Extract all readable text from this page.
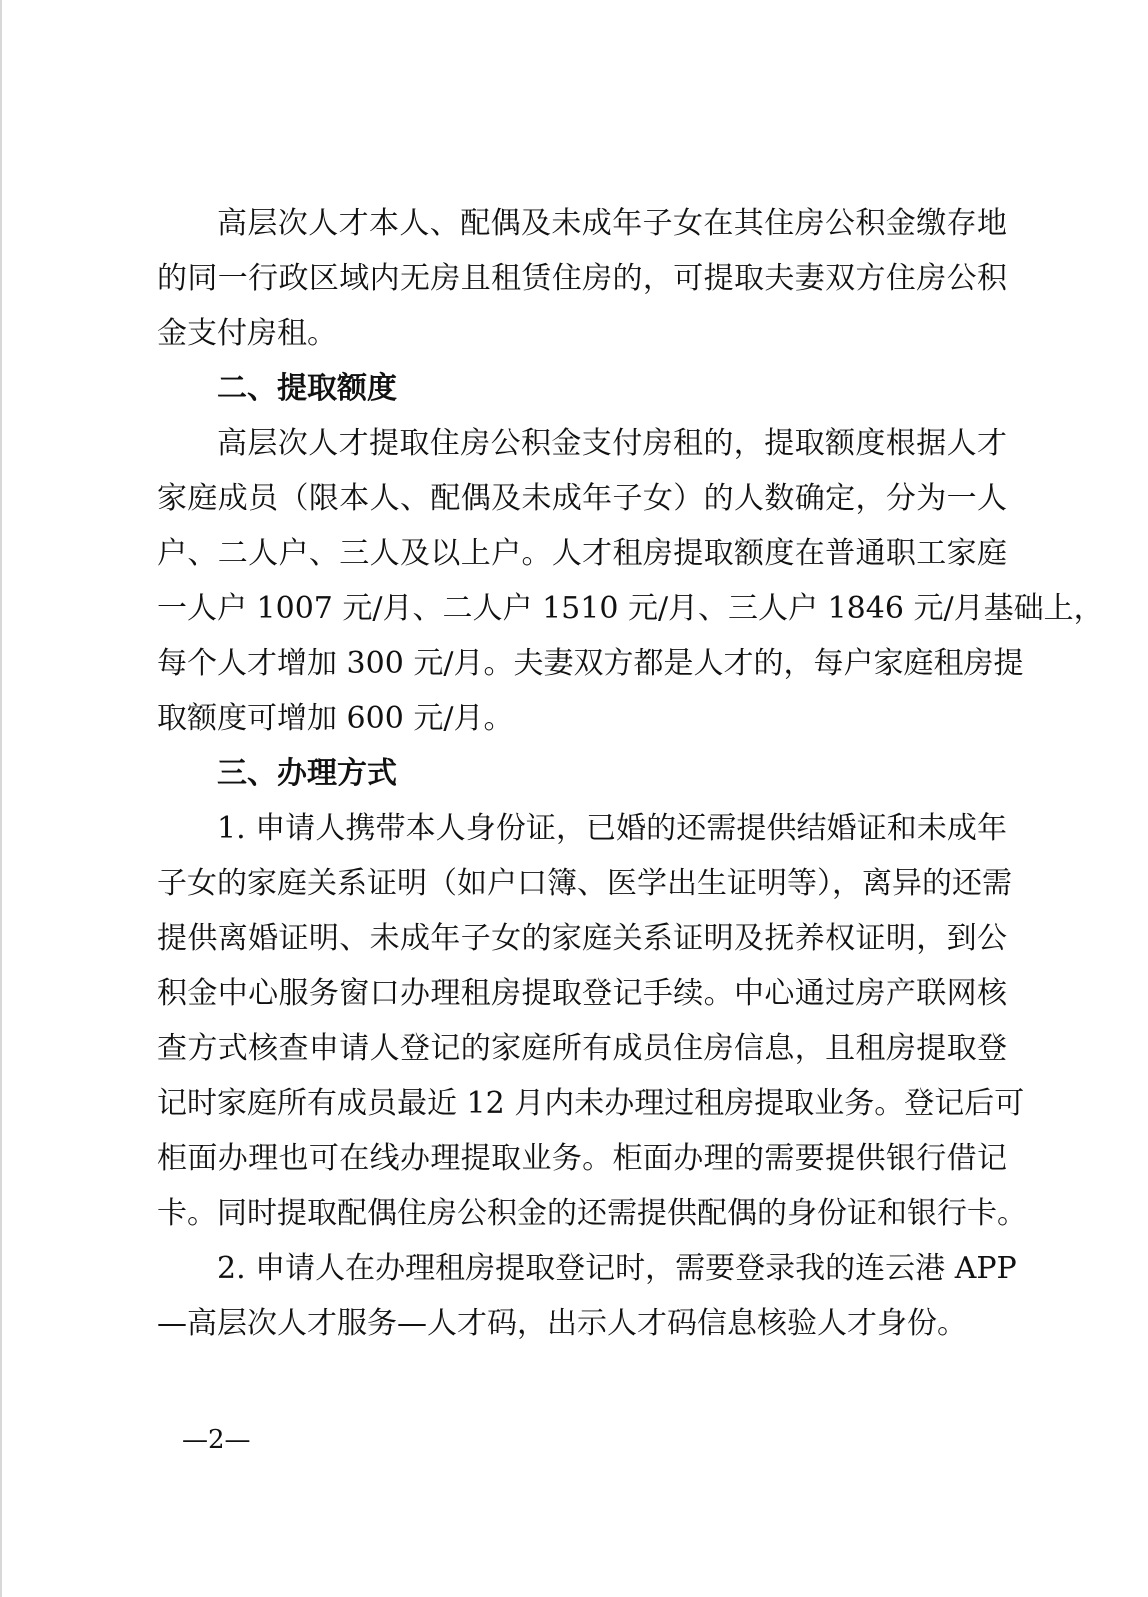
高层次人才本人、配偶及未成年子女在其住房公积金缴存地
的同一行政区域内无房且租赁住房的，可提取夫妻双方住房公积
金支付房租。
二、提取额度
高层次人才提取住房公积金支付房租的，提取额度根据人才
家庭成员（限本人、配偶及未成年子女）的人数确定，分为一人
户、二人户、三人及以上户。人才租房提取额度在普通职工家庭
一人户 1007 元/月、二人户 1510 元/月、三人户 1846 元/月基础上，
每个人才增加 300 元/月。夫妻双方都是人才的，每户家庭租房提
取额度可增加 600 元/月。
三、办理方式
1. 申请人携带本人身份证，已婚的还需提供结婚证和未成年
子女的家庭关系证明（如户口簿、医学出生证明等），离异的还需
提供离婚证明、未成年子女的家庭关系证明及抚养权证明，到公
积金中心服务窗口办理租房提取登记手续。中心通过房产联网核
查方式核查申请人登记的家庭所有成员住房信息，且租房提取登
记时家庭所有成员最近 12 月内未办理过租房提取业务。登记后可
柜面办理也可在线办理提取业务。柜面办理的需要提供银行借记
卡。同时提取配偶住房公积金的还需提供配偶的身份证和银行卡。
2. 申请人在办理租房提取登记时，需要登录我的连云港 APP
—高层次人才服务—人才码，出示人才码信息核验人才身份。
—2—
